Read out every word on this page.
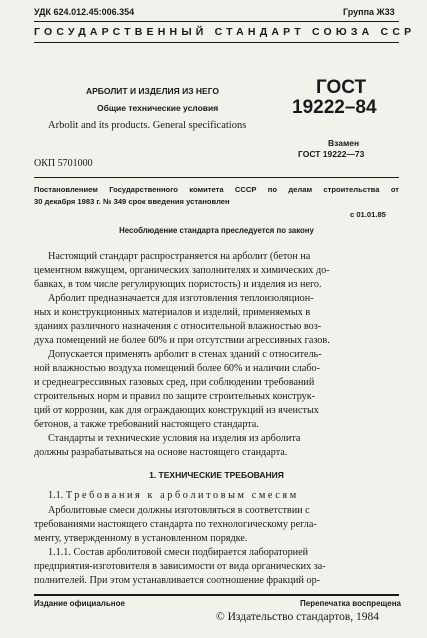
УДК 624.012.45:006.354	Группа Ж33
ГОСУДАРСТВЕННЫЙ СТАНДАРТ СОЮЗА ССР
АРБОЛИТ И ИЗДЕЛИЯ ИЗ НЕГО
Общие технические условия
Arbolit and its products. General specifications
ГОСТ
19222–84
Взамен
ГОСТ 19222—73
ОКП 5701000
Постановлением Государственного комитета СССР по делам строительства от
30 декабря 1983 г. № 349 срок введения установлен
с 01.01.85
Несоблюдение стандарта преследуется по закону
Настоящий стандарт распространяется на арболит (бетон на
цементном вяжущем, органических заполнителях и химических до-
бавках, в том числе регулирующих пористость) и изделия из него.
Арболит предназначается для изготовления теплоизоляцион-
ных и конструкционных материалов и изделий, применяемых в
зданиях различного назначения с относительной влажностью воз-
духа помещений не более 60% и при отсутствии агрессивных газов.
Допускается применять арболит в стенах зданий с относитель-
ной влажностью воздуха помещений более 60% и наличии слабо-
и среднеагрессивных газовых сред, при соблюдении требований
строительных норм и правил по защите строительных конструк-
ций от коррозии, как для ограждающих конструкций из ячеистых
бетонов, а также требований настоящего стандарта.
Стандарты и технические условия на изделия из арболита
должны разрабатываться на основе настоящего стандарта.
1. ТЕХНИЧЕСКИЕ ТРЕБОВАНИЯ
1.1. Требования к арболитовым смесям
Арболитовые смеси должны изготовляться в соответствии с
требованиями настоящего стандарта по технологическому регла-
менту, утвержденному в установленном порядке.
1.1.1. Состав арболитовой смеси подбирается лабораторией
предприятия-изготовителя в зависимости от вида органических за-
полнителей. При этом устанавливается соотношение фракций ор-
Издание официальное	Перепечатка воспрещена
© Издательство стандартов, 1984
